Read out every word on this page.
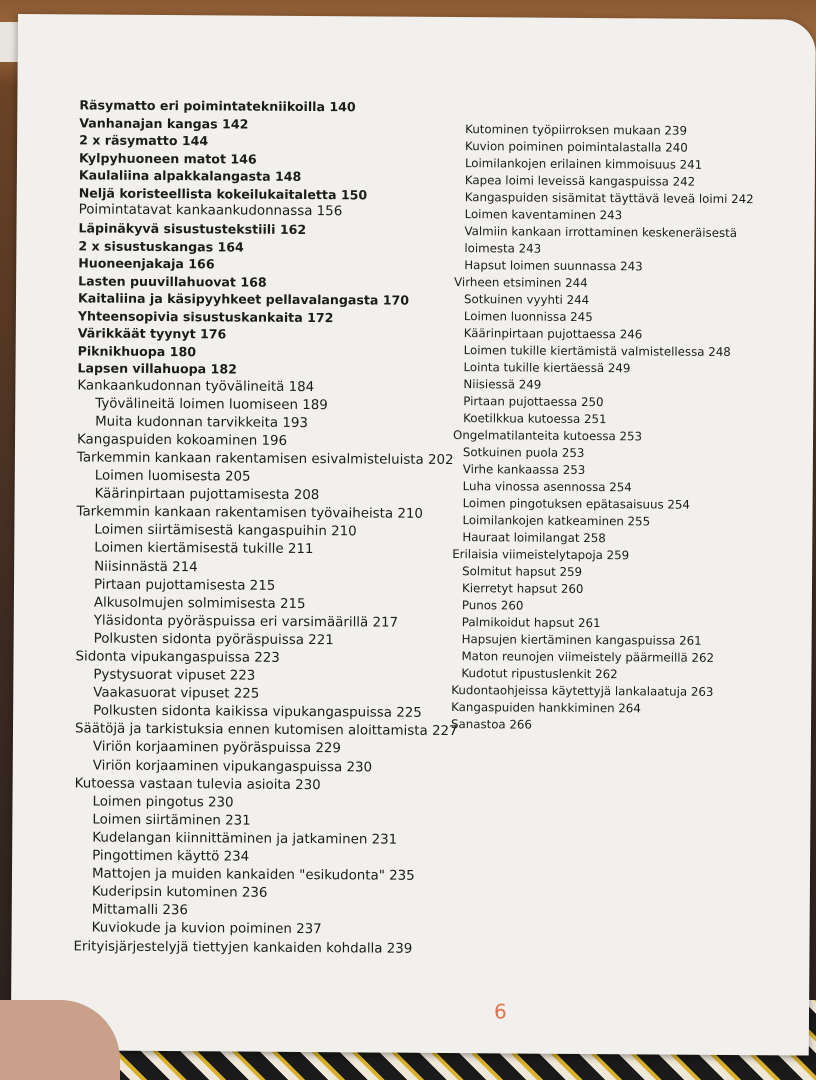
Räsymatto eri poimintatekniikoilla 140
Vanhanajan kangas 142
2 x räsymatto 144
Kylpyhuoneen matot 146
Kaulaliina alpakkalangasta 148
Neljä koristeellista kokeilukaitaletta 150
Poimintatavat kankaankudonnassa 156
Läpinäkyvä sisustustekstiili 162
2 x sisustuskangas 164
Huoneenjakaja 166
Lasten puuvillahuovat 168
Kaitaliina ja käsipyyhkeet pellavalangasta 170
Yhteensopivia sisustuskankaita 172
Värikkäät tyynyt 176
Piknikhuopa 180
Lapsen villahuopa 182
Kankaankudonnan työvälineitä 184
Työvälineitä loimen luomiseen 189
Muita kudonnan tarvikkeita 193
Kangaspuiden kokoaminen 196
Tarkemmin kankaan rakentamisen esivalmisteluista 202
Loimen luomisesta 205
Käärinpirtaan pujottamisesta 208
Tarkemmin kankaan rakentamisen työvaiheista 210
Loimen siirtämisestä kangaspuihin 210
Loimen kiertämisestä tukille 211
Niisinnästä 214
Pirtaan pujottamisesta 215
Alkusolmujen solmimisesta 215
Yläsidonta pyöräspuissa eri varsimäärillä 217
Polkusten sidonta pyöräspuissa 221
Sidonta vipukangaspuissa 223
Pystysuorat vipuset 223
Vaakasuorat vipuset 225
Polkusten sidonta kaikissa vipukangaspuissa 225
Säätöjä ja tarkistuksia ennen kutomisen aloittamista 227
Viriön korjaaminen pyöräspuissa 229
Viriön korjaaminen vipukangaspuissa 230
Kutoessa vastaan tulevia asioita 230
Loimen pingotus 230
Loimen siirtäminen 231
Kudelangan kiinnittäminen ja jatkaminen 231
Pingottimen käyttö 234
Mattojen ja muiden kankaiden "esikudonta" 235
Kuderipsin kutominen 236
Mittamalli 236
Kuviokude ja kuvion poiminen 237
Erityisjärjestelyjä tiettyjen kankaiden kohdalla 239
Kutominen työpiirroksen mukaan 239
Kuvion poiminen poimintalastalla 240
Loimilankojen erilainen kimmoisuus 241
Kapea loimi leveissä kangaspuissa 242
Kangaspuiden sisämitat täyttävä leveä loimi 242
Loimen kaventaminen 243
Valmiin kankaan irrottaminen keskeneräisestä loimesta 243
Hapsut loimen suunnassa 243
Virheen etsiminen 244
Sotkuinen vyyhti 244
Loimen luonnissa 245
Käärinpirtaan pujottaessa 246
Loimen tukille kiertämistä valmistellessa 248
Lointa tukille kiertäessä 249
Niisiessä 249
Pirtaan pujottaessa 250
Koetilkkua kutoessa 251
Ongelmatilanteita kutoessa 253
Sotkuinen puola 253
Virhe kankaassa 253
Luha vinossa asennossa 254
Loimen pingotuksen epätasaisuus 254
Loimilankojen katkeaminen 255
Hauraat loimilangat 258
Erilaisia viimeistelytapoja 259
Solmitut hapsut 259
Kierretyt hapsut 260
Punos 260
Palmikoidut hapsut 261
Hapsujen kiertäminen kangaspuissa 261
Maton reunojen viimeistely päärmeillä 262
Kudotut ripustuslenkit 262
Kudontaohjeissa käytettyjä lankalaatuja 263
Kangaspuiden hankkiminen 264
Sanastoa 266
6
